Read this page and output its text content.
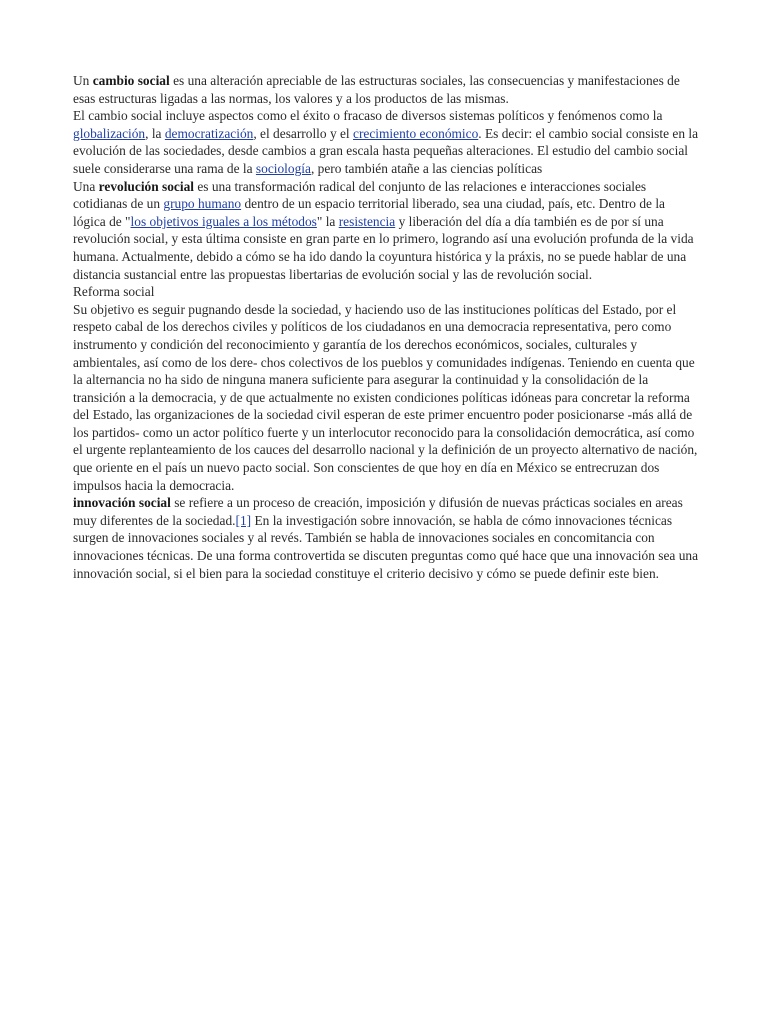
Un cambio social es una alteración apreciable de las estructuras sociales, las consecuencias y manifestaciones de esas estructuras ligadas a las normas, los valores y a los productos de las mismas.

El cambio social incluye aspectos como el éxito o fracaso de diversos sistemas políticos y fenómenos como la globalización, la democratización, el desarrollo y el crecimiento económico. Es decir: el cambio social consiste en la evolución de las sociedades, desde cambios a gran escala hasta pequeñas alteraciones. El estudio del cambio social suele considerarse una rama de la sociología, pero también atañe a las ciencias políticas

Una revolución social es una transformación radical del conjunto de las relaciones e interacciones sociales cotidianas de un grupo humano dentro de un espacio territorial liberado, sea una ciudad, país, etc. Dentro de la lógica de "los objetivos iguales a los métodos" la resistencia y liberación del día a día también es de por sí una revolución social, y esta última consiste en gran parte en lo primero, logrando así una evolución profunda de la vida humana. Actualmente, debido a cómo se ha ido dando la coyuntura histórica y la práxis, no se puede hablar de una distancia sustancial entre las propuestas libertarias de evolución social y las de revolución social.

Reforma social

Su objetivo es seguir pugnando desde la sociedad, y haciendo uso de las instituciones políticas del Estado, por el respeto cabal de los derechos civiles y políticos de los ciudadanos en una democracia representativa, pero como instrumento y condición del reconocimiento y garantía de los derechos económicos, sociales, culturales y ambientales, así como de los dere- chos colectivos de los pueblos y comunidades indígenas. Teniendo en cuenta que la alternancia no ha sido de ninguna manera suficiente para asegurar la continuidad y la consolidación de la transición a la democracia, y de que actualmente no existen condiciones políticas idóneas para concretar la reforma del Estado, las organizaciones de la sociedad civil esperan de este primer encuentro poder posicionarse -más allá de los partidos- como un actor político fuerte y un interlocutor reconocido para la consolidación democrática, así como el urgente replanteamiento de los cauces del desarrollo nacional y la definición de un proyecto alternativo de nación, que oriente en el país un nuevo pacto social. Son conscientes de que hoy en día en México se entrecruzan dos impulsos hacia la democracia.

innovación social se refiere a un proceso de creación, imposición y difusión de nuevas prácticas sociales en areas muy diferentes de la sociedad.[1] En la investigación sobre innovación, se habla de cómo innovaciones técnicas surgen de innovaciones sociales y al revés. También se habla de innovaciones sociales en concomitancia con innovaciones técnicas. De una forma controvertida se discuten preguntas como qué hace que una innovación sea una innovación social, si el bien para la sociedad constituye el criterio decisivo y cómo se puede definir este bien.
